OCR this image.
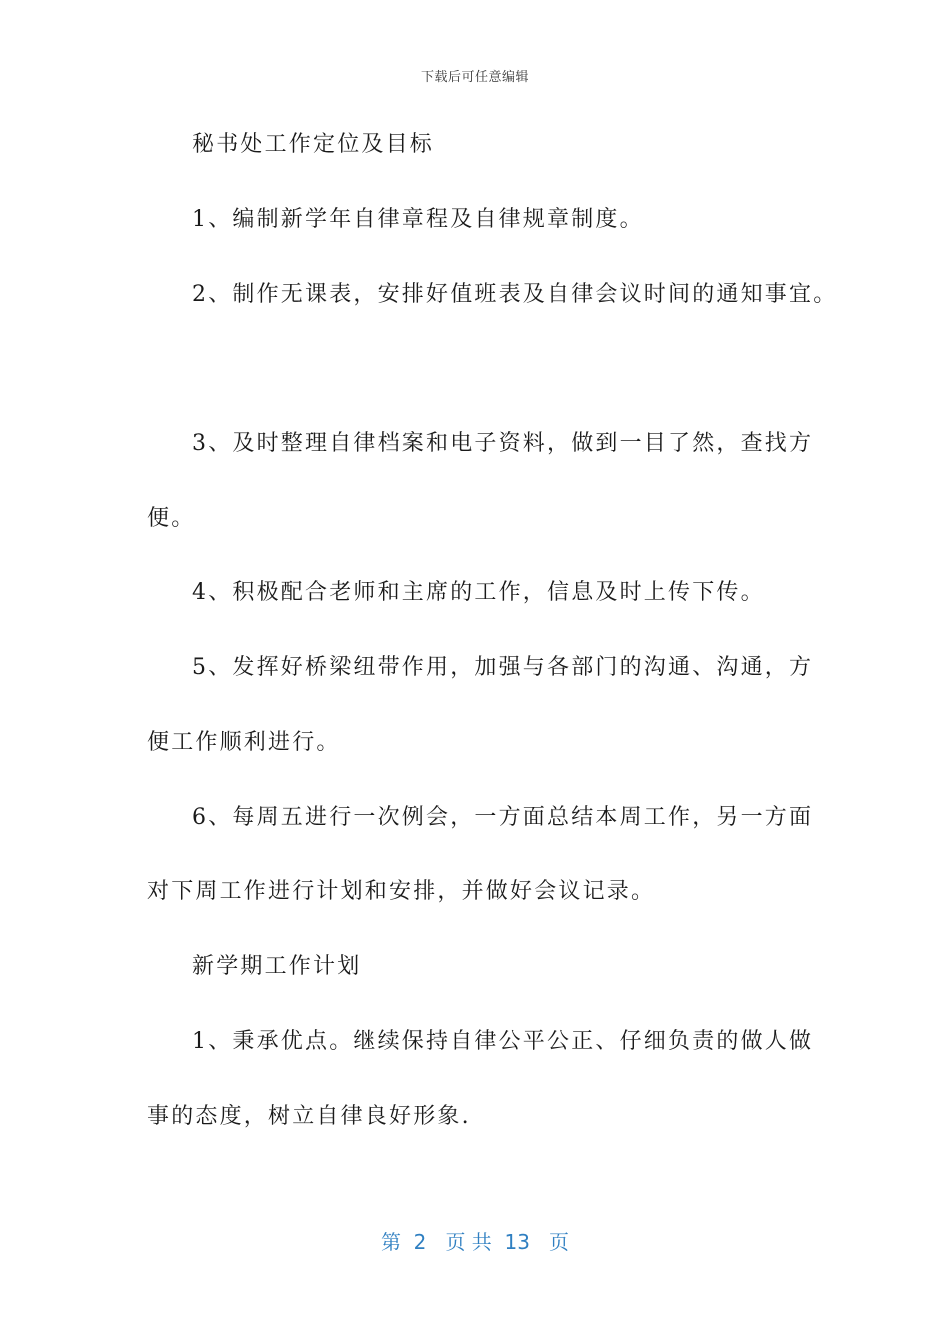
下载后可任意编辑
秘书处工作定位及目标
1、编制新学年自律章程及自律规章制度。
2、制作无课表，安排好值班表及自律会议时间的通知事宜。
3、及时整理自律档案和电子资料，做到一目了然，查找方
便。
4、积极配合老师和主席的工作，信息及时上传下传。
5、发挥好桥梁纽带作用，加强与各部门的沟通、沟通，方
便工作顺利进行。
6、每周五进行一次例会，一方面总结本周工作，另一方面
对下周工作进行计划和安排，并做好会议记录。
新学期工作计划
1、秉承优点。继续保持自律公平公正、仔细负责的做人做
事的态度，树立自律良好形象.
第  2   页 共  13   页
